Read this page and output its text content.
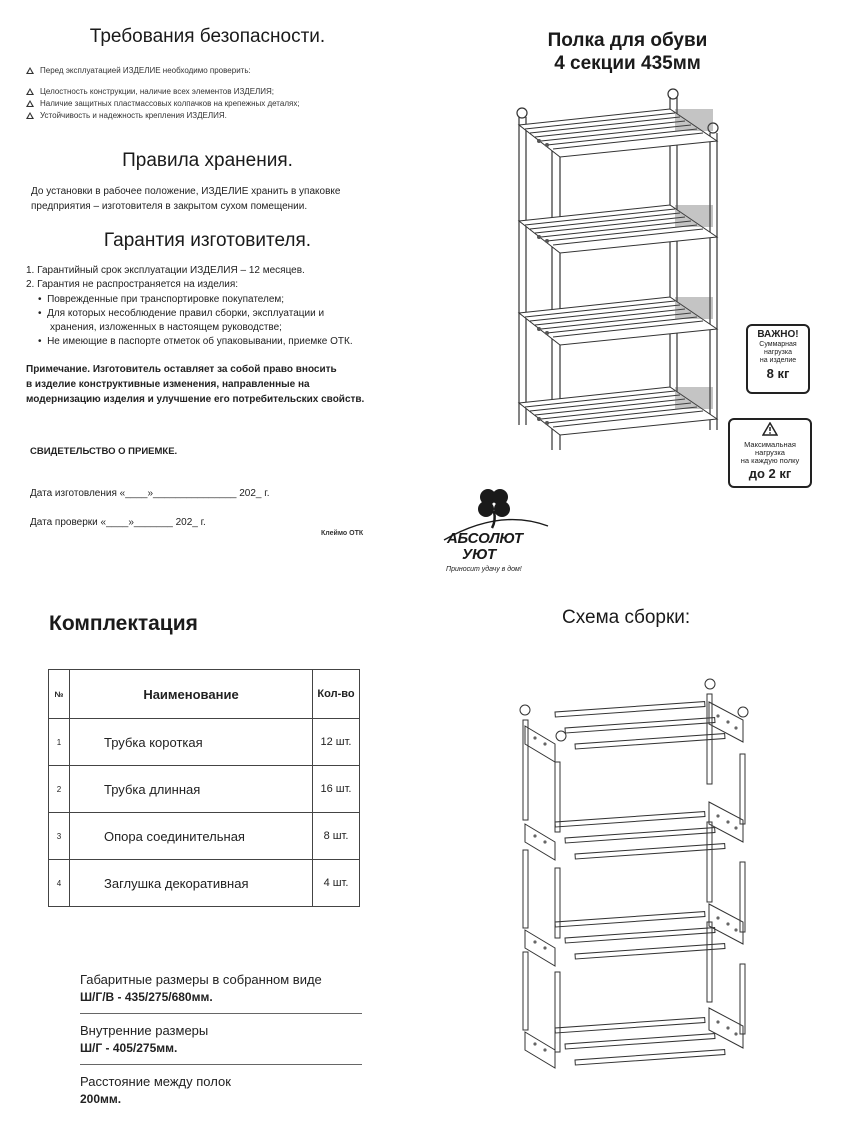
Требования безопасности.
Перед эксплуатацией ИЗДЕЛИЕ необходимо проверить:
Целостность конструкции, наличие всех элементов ИЗДЕЛИЯ;
Наличие защитных пластмассовых колпачков на крепежных деталях;
Устойчивость и надежность крепления ИЗДЕЛИЯ.
Правила хранения.
До установки в рабочее положение, ИЗДЕЛИЕ хранить в упаковке
предприятия – изготовителя в закрытом сухом помещении.
Гарантия изготовителя.
1. Гарантийный срок эксплуатации ИЗДЕЛИЯ – 12 месяцев.
2. Гарантия не распространяется на изделия:
•  Поврежденные при транспортировке покупателем;
•  Для которых несоблюдение правил сборки, эксплуатации и
хранения, изложенных в настоящем руководстве;
•  Не имеющие в паспорте отметок об упаковывании, приемке ОТК.
Примечание. Изготовитель оставляет за собой право вносить
в изделие конструктивные изменения, направленные на
модернизацию изделия и улучшение его потребительских свойств.
СВИДЕТЕЛЬСТВО О ПРИЕМКЕ.
Дата изготовления «____»_______________ 202_ г.
Дата проверки «____»_______ 202_ г.
Клеймо ОТК
Полка для обуви
4 секции 435мм
ВАЖНО!
Суммарная
нагрузка
на изделие
8 кг
Максимальная
нагрузка
на каждую полку
до 2 кг
АБСОЛЮТ
УЮТ
Приносит удачу в дом!
Комплектация
№	Наименование	Кол-во
1	Трубка короткая	12 шт.
2	Трубка длинная	16 шт.
3	Опора соединительная	8 шт.
4	Заглушка декоративная	4 шт.
Габаритные размеры в собранном виде
Ш/Г/В - 435/275/680мм.
Внутренние размеры
Ш/Г - 405/275мм.
Расстояние между полок
200мм.
Схема сборки:
